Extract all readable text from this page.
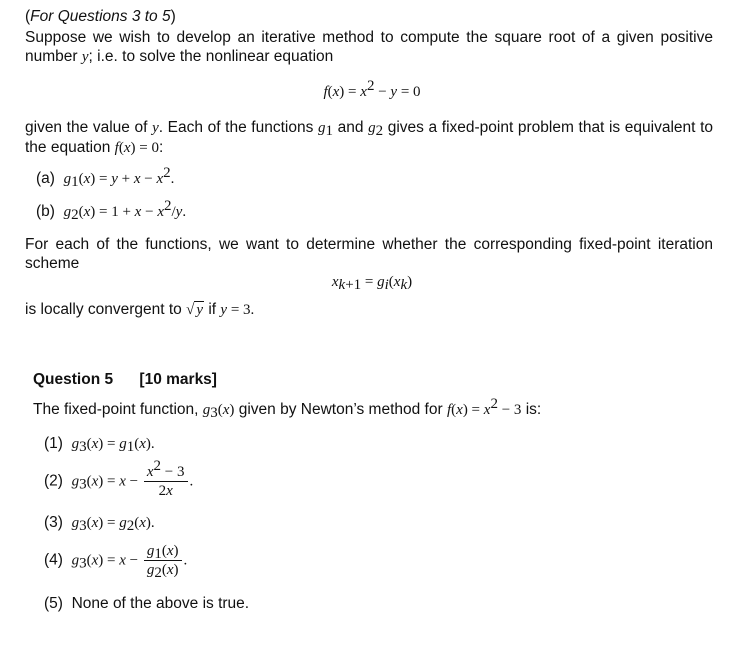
(For Questions 3 to 5)
Suppose we wish to develop an iterative method to compute the square root of a given positive number y; i.e. to solve the nonlinear equation
$f(x) = x^2 - y = 0$
given the value of y. Each of the functions $g_1$ and $g_2$ gives a fixed-point problem that is equivalent to the equation f(x) = 0:
(a) $g_1(x) = y + x - x^2$.
(b) $g_2(x) = 1 + x - x^2/y$.
For each of the functions, we want to determine whether the corresponding fixed-point iteration scheme
$x_{k+1} = g_i(x_k)$
is locally convergent to √ y if y = 3.
Question 5 [10 marks]
The fixed-point function, $g_3(x)$ given by Newton’s method for $f(x) = x^2 - 3$ is:
(1) $g_3(x) = g_1(x)$.
(2) $g_3(x) = x - \frac{x^2 - 3}{2x}$ .
(3) $g_3(x) = g_2(x)$.
(4) $g_3(x) = x - \frac{g_1(x)}{g_2(x)}$ .
(5) None of the above is true.
